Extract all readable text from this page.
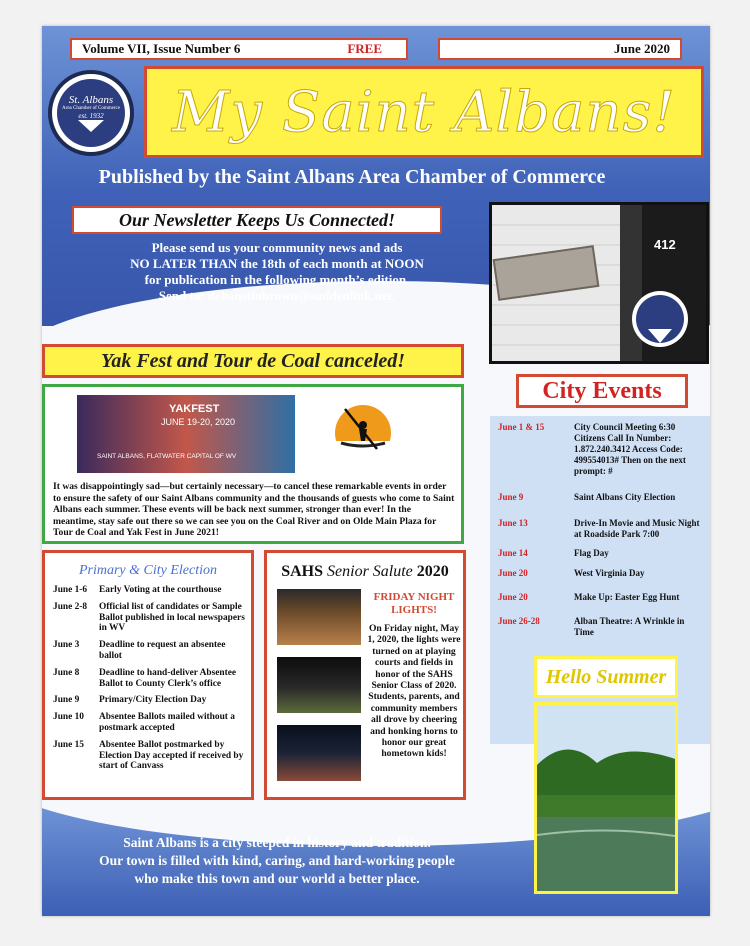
Volume VII, Issue Number 6	FREE	June 2020
St. Albans
Area Chamber of Commerce
est. 1932 My Saint Albans!
Published by the Saint Albans Area Chamber of Commerce
Our Newsletter Keeps Us Connected!
Please send us your community news and ads
NO LATER THAN the 18th of each month at NOON
for publication in the following month’s edition.
Send to: debaustinbrown@suddenlink.net.
412
Yak Fest and Tour de Coal canceled!
YAKFEST
JUNE 19-20, 2020
SAINT ALBANS, FLATWATER CAPITAL OF WV
It was disappointingly sad—but certainly necessary—to cancel these remarkable events in order to ensure the safety of our Saint Albans community and the thousands of guests who come to Saint Albans each summer. These events will be back next summer, stronger than ever! In the meantime, stay safe out there so we can see you on the Coal River and on Olde Main Plaza for Tour de Coal and Yak Fest in June 2021!
Primary & City Election
June 1-6	Early Voting at the courthouse
June 2-8	Official list of candidates or Sample Ballot published in local newspapers in WV
June 3	Deadline to request an absentee ballot
June 8	Deadline to hand-deliver Absentee Ballot to County Clerk’s office
June 9	Primary/City Election Day
June 10	Absentee Ballots mailed without a postmark accepted
June 15	Absentee Ballot postmarked by Election Day accepted if received by start of Canvass
SAHS Senior Salute 2020
FRIDAY NIGHT LIGHTS!
On Friday night, May 1, 2020, the lights were turned on at playing courts and fields in honor of the SAHS Senior Class of 2020. Students, parents, and community members all drove by cheering and honking horns to honor our great hometown kids!
City Events
June 1 & 15	City Council Meeting 6:30 Citizens Call In Number: 1.872.240.3412 Access Code: 499554013# Then on the next prompt: #
June 9	Saint Albans City Election
June 13	Drive-In Movie and Music Night at Roadside Park 7:00
June 14	Flag Day
June 20	West Virginia Day
June 20	Make Up: Easter Egg Hunt
June 26-28	Alban Theatre: A Wrinkle in Time
Hello Summer
Saint Albans is a city steeped in history and tradition.
Our town is filled with kind, caring, and hard-working people
who make this town and our world a better place.
